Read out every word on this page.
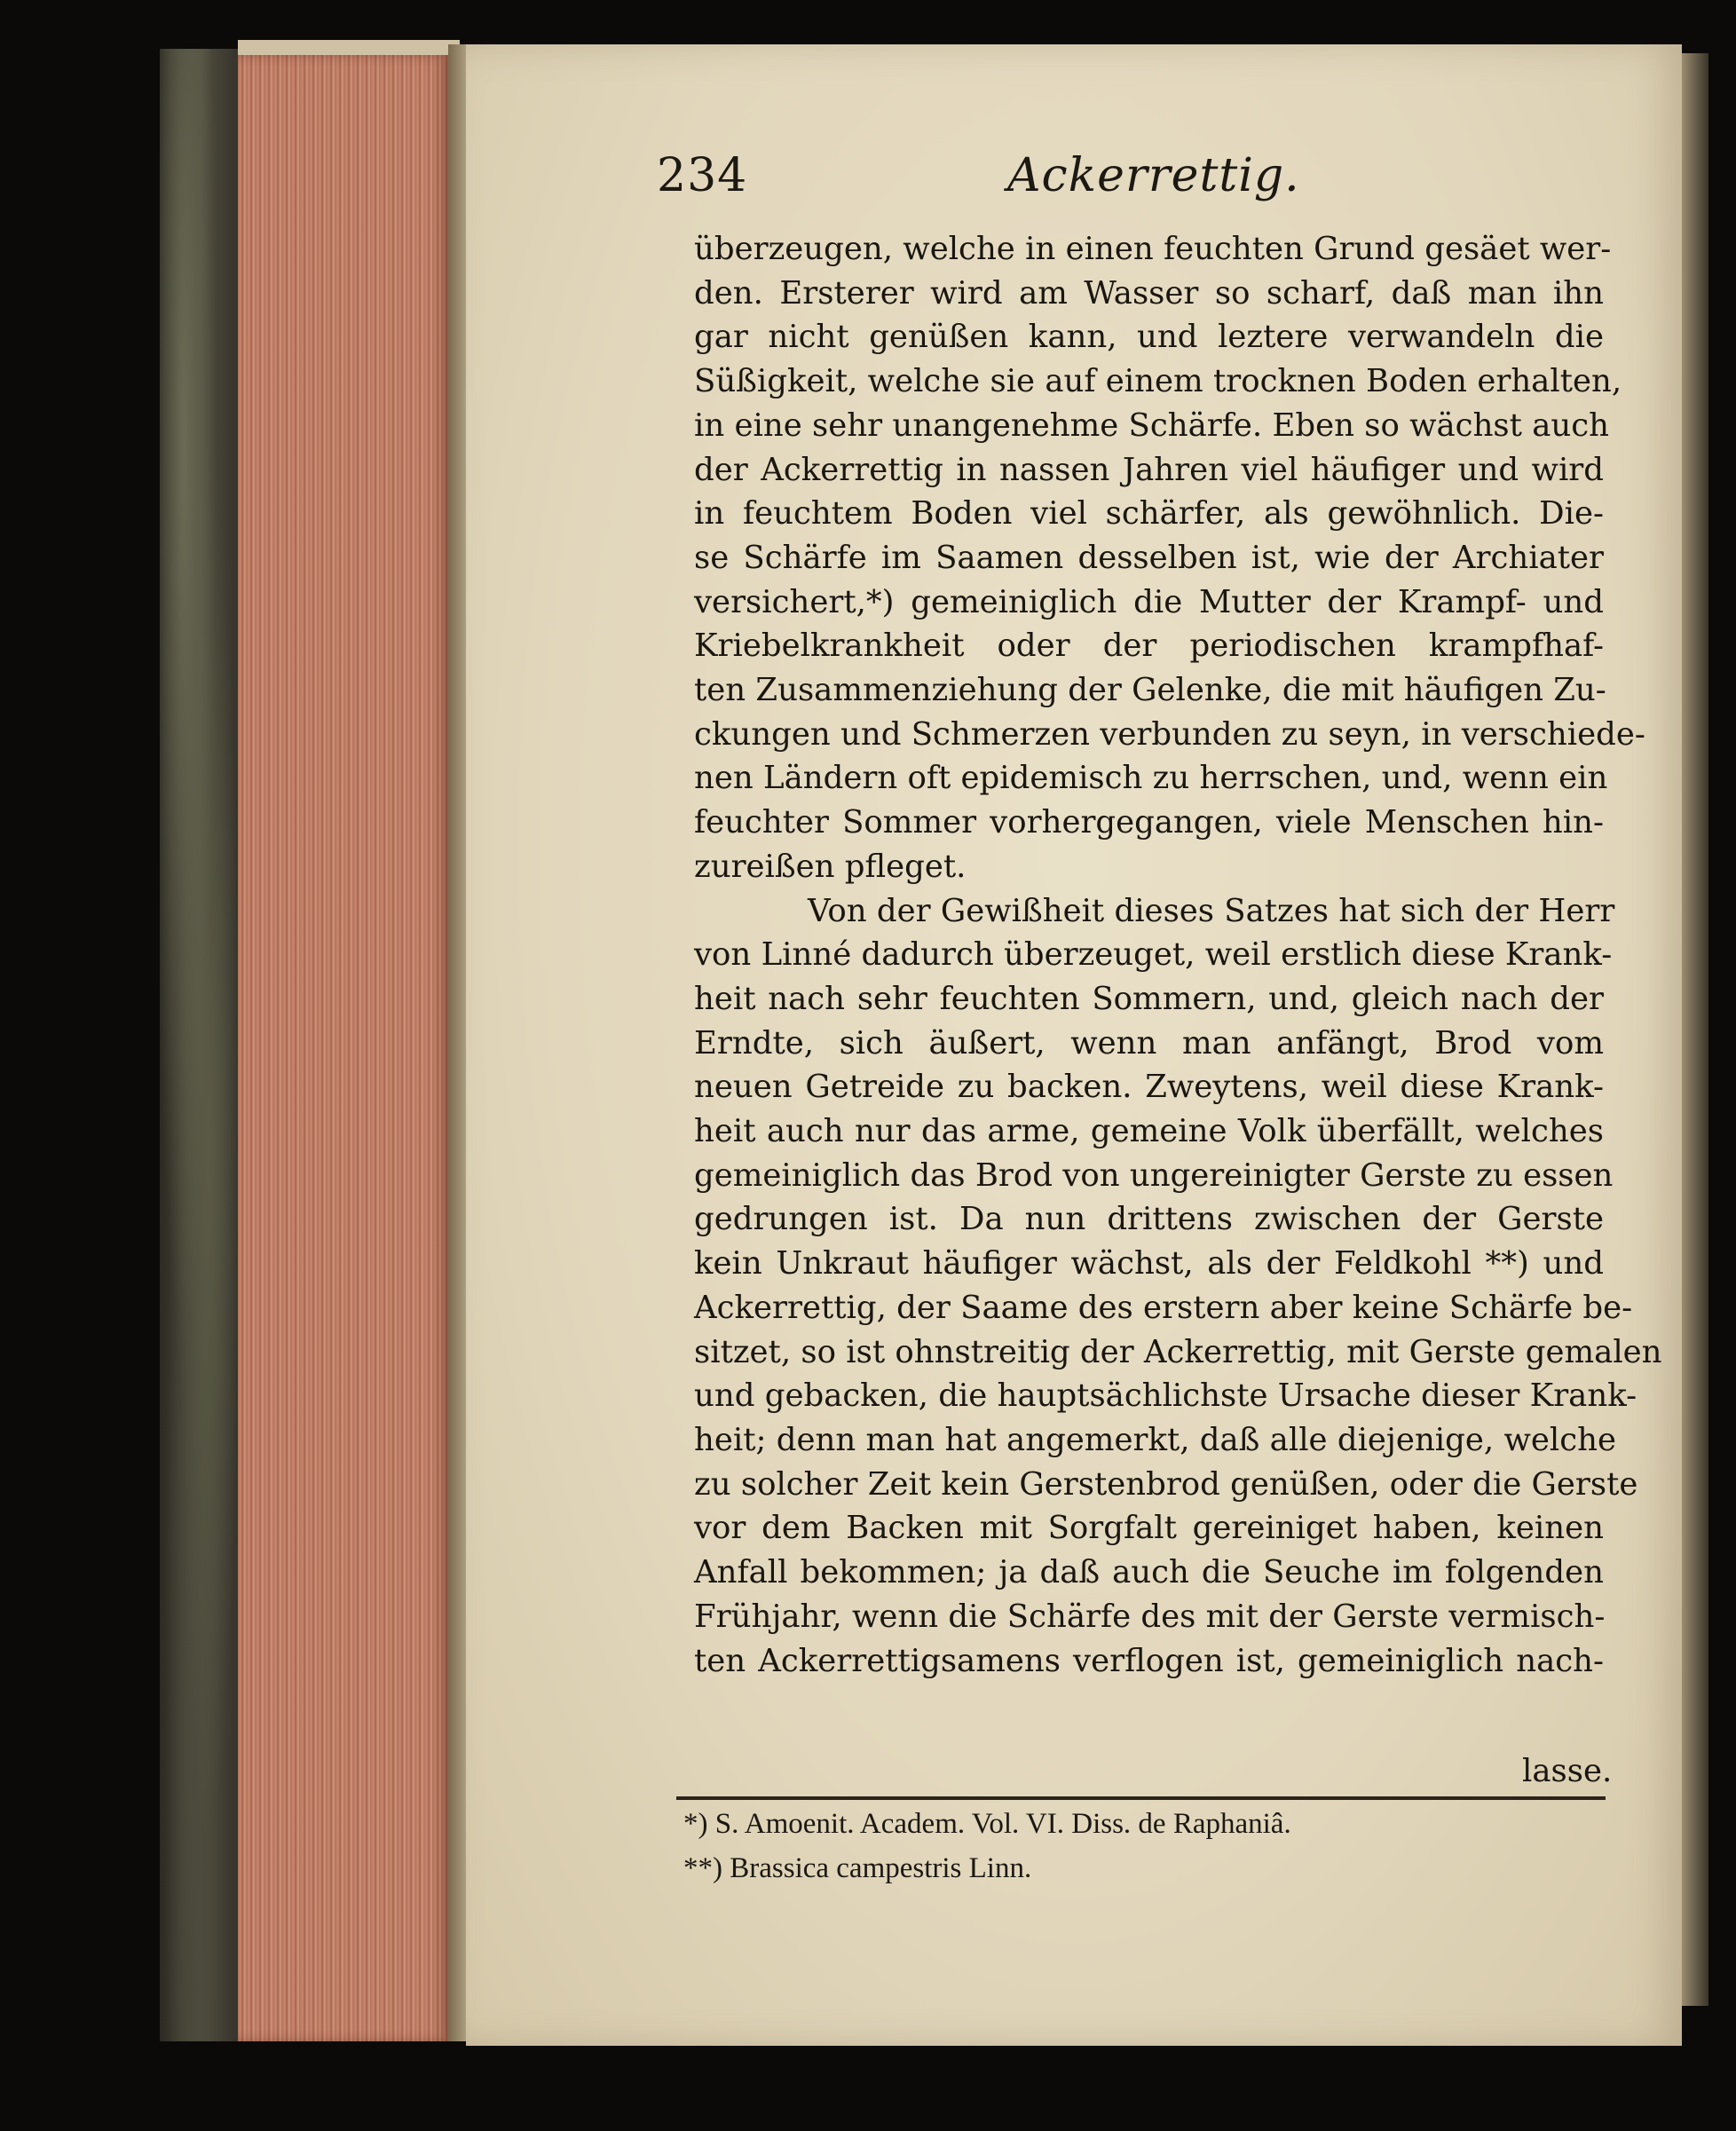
234	Ackerrettig.
überzeugen, welche in einen feuchten Grund gesäet wer-
den. Ersterer wird am Wasser so scharf, daß man ihn
gar nicht genüßen kann, und leztere verwandeln die
Süßigkeit, welche sie auf einem trocknen Boden erhalten,
in eine sehr unangenehme Schärfe. Eben so wächst auch
der Ackerrettig in nassen Jahren viel häufiger und wird
in feuchtem Boden viel schärfer, als gewöhnlich. Die-
se Schärfe im Saamen desselben ist, wie der Archiater
versichert,*) gemeiniglich die Mutter der Krampf- und
Kriebelkrankheit oder der periodischen krampfhaf-
ten Zusammenziehung der Gelenke, die mit häufigen Zu-
ckungen und Schmerzen verbunden zu seyn, in verschiede-
nen Ländern oft epidemisch zu herrschen, und, wenn ein
feuchter Sommer vorhergegangen, viele Menschen hin-
zureißen pfleget.
Von der Gewißheit dieses Satzes hat sich der Herr
von Linné dadurch überzeuget, weil erstlich diese Krank-
heit nach sehr feuchten Sommern, und, gleich nach der
Erndte, sich äußert, wenn man anfängt, Brod vom
neuen Getreide zu backen. Zweytens, weil diese Krank-
heit auch nur das arme, gemeine Volk überfällt, welches
gemeiniglich das Brod von ungereinigter Gerste zu essen
gedrungen ist. Da nun drittens zwischen der Gerste
kein Unkraut häufiger wächst, als der Feldkohl **) und
Ackerrettig, der Saame des erstern aber keine Schärfe be-
sitzet, so ist ohnstreitig der Ackerrettig, mit Gerste gemalen
und gebacken, die hauptsächlichste Ursache dieser Krank-
heit; denn man hat angemerkt, daß alle diejenige, welche
zu solcher Zeit kein Gerstenbrod genüßen, oder die Gerste
vor dem Backen mit Sorgfalt gereiniget haben, keinen
Anfall bekommen; ja daß auch die Seuche im folgenden
Frühjahr, wenn die Schärfe des mit der Gerste vermisch-
ten Ackerrettigsamens verflogen ist, gemeiniglich nach-
lasse.
*) S. Amoenit. Academ. Vol. VI. Diss. de Raphaniâ.
**) Brassica campestris Linn.
